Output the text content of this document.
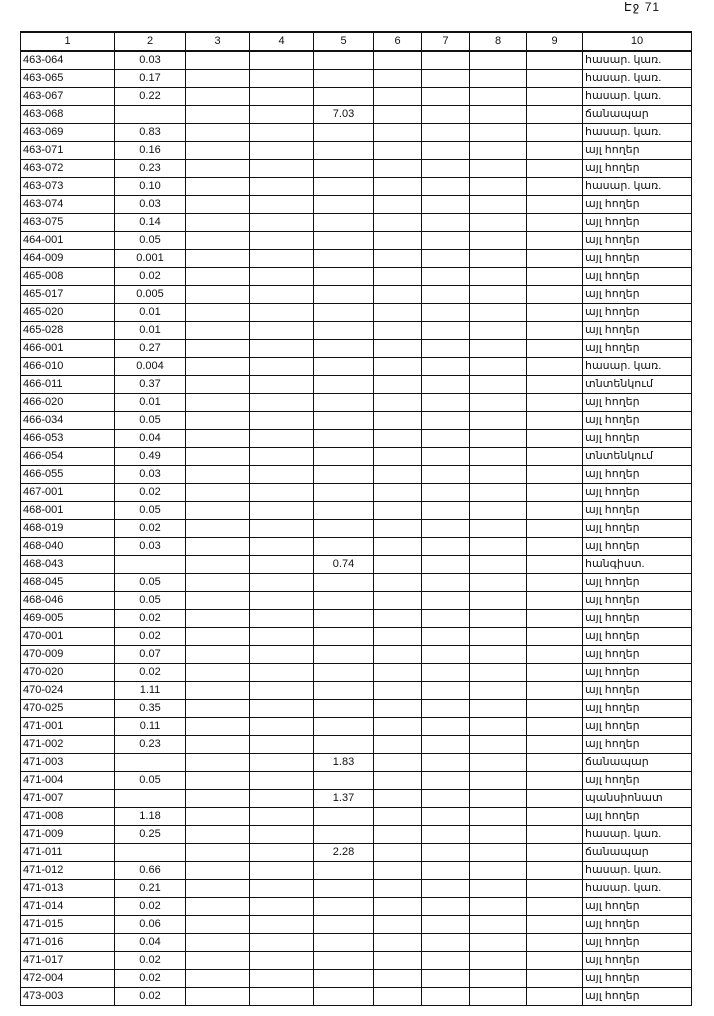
Էջ 71
1	2	3	4	5	6	7	8	9	10
463-064	0.03								հասար. կառ.
463-065	0.17								հասար. կառ.
463-067	0.22								հասար. կառ.
463-068				7.03					ճանապար
463-069	0.83								հասար. կառ.
463-071	0.16								այլ հողեր
463-072	0.23								այլ հողեր
463-073	0.10								հասար. կառ.
463-074	0.03								այլ հողեր
463-075	0.14								այլ հողեր
464-001	0.05								այլ հողեր
464-009	0.001								այլ հողեր
465-008	0.02								այլ հողեր
465-017	0.005								այլ հողեր
465-020	0.01								այլ հողեր
465-028	0.01								այլ հողեր
466-001	0.27								այլ հողեր
466-010	0.004								հասար. կառ.
466-011	0.37								տնտենկում
466-020	0.01								այլ հողեր
466-034	0.05								այլ հողեր
466-053	0.04								այլ հողեր
466-054	0.49								տնտենկում
466-055	0.03								այլ հողեր
467-001	0.02								այլ հողեր
468-001	0.05								այլ հողեր
468-019	0.02								այլ հողեր
468-040	0.03								այլ հողեր
468-043				0.74					հանգիստ.
468-045	0.05								այլ հողեր
468-046	0.05								այլ հողեր
469-005	0.02								այլ հողեր
470-001	0.02								այլ հողեր
470-009	0.07								այլ հողեր
470-020	0.02								այլ հողեր
470-024	1.11								այլ հողեր
470-025	0.35								այլ հողեր
471-001	0.11								այլ հողեր
471-002	0.23								այլ հողեր
471-003				1.83					ճանապար
471-004	0.05								այլ հողեր
471-007				1.37					պանսիոնատ
471-008	1.18								այլ հողեր
471-009	0.25								հասար. կառ.
471-011				2.28					ճանապար
471-012	0.66								հասար. կառ.
471-013	0.21								հասար. կառ.
471-014	0.02								այլ հողեր
471-015	0.06								այլ հողեր
471-016	0.04								այլ հողեր
471-017	0.02								այլ հողեր
472-004	0.02								այլ հողեր
473-003	0.02								այլ հողեր
